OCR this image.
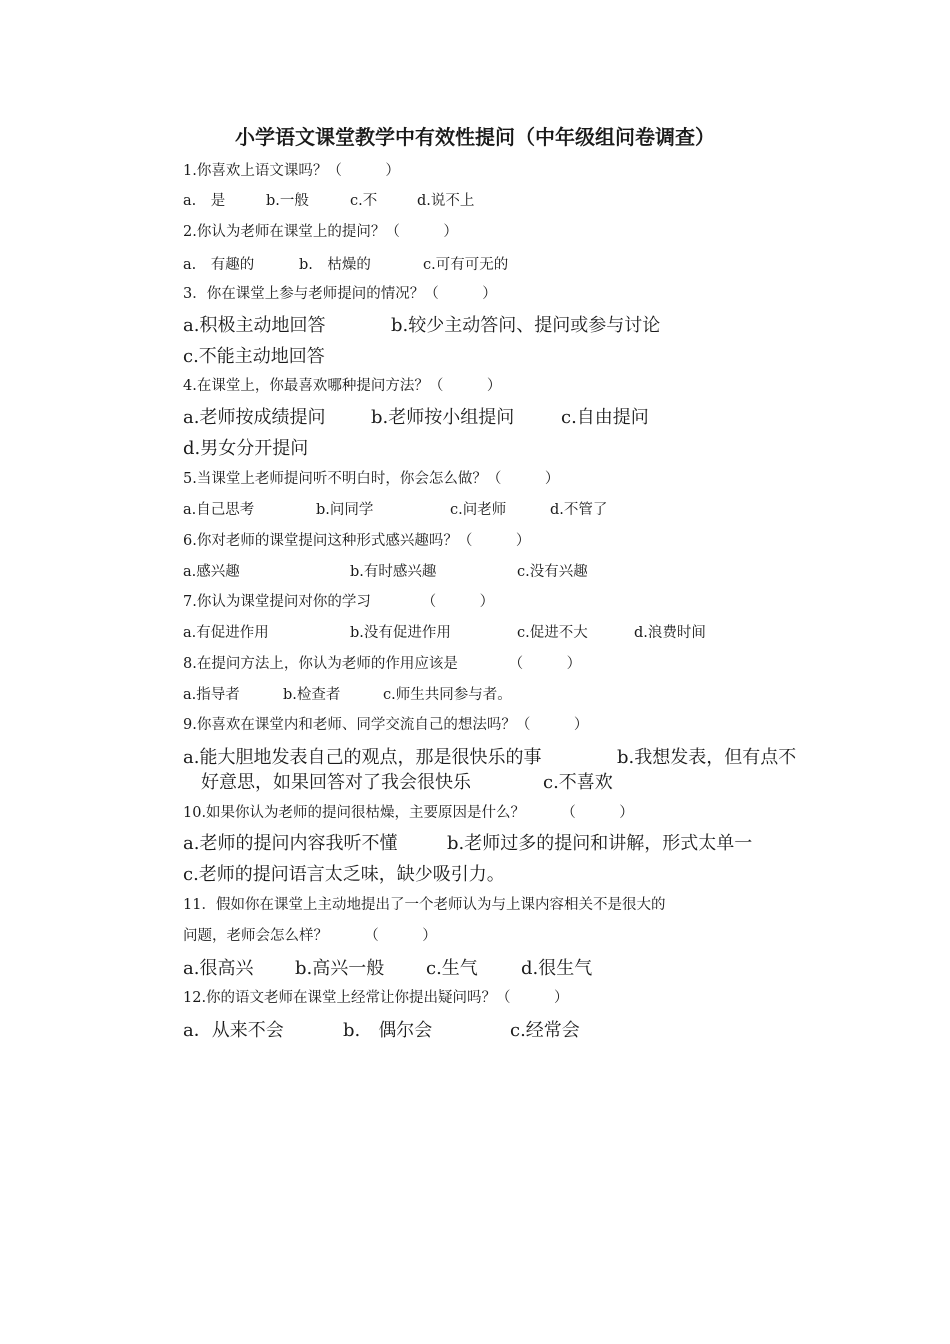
小学语文课堂教学中有效性提问（中年级组问卷调查）
1.你喜欢上语文课吗？（　　　）
a.　是	b.一般	c.不	d.说不上
2.你认为老师在课堂上的提问？（　　　）
a.　有趣的	b.　枯燥的	c.可有可无的
3．你在课堂上参与老师提问的情况？（　　　）
a.积极主动地回答	b.较少主动答问、提问或参与讨论
c.不能主动地回答
4.在课堂上，你最喜欢哪种提问方法？（　　　）
a.老师按成绩提问	b.老师按小组提问	c.自由提问
d.男女分开提问
5.当课堂上老师提问听不明白时，你会怎么做？（　　　）
a.自己思考	b.问同学	c.问老师	d.不管了
6.你对老师的课堂提问这种形式感兴趣吗？（　　　）
a.感兴趣	b.有时感兴趣	c.没有兴趣
7.你认为课堂提问对你的学习　　　　（　　　）
a.有促进作用	b.没有促进作用	c.促进不大	d.浪费时间
8.在提问方法上，你认为老师的作用应该是　　　　（　　　）
a.指导者	b.检查者	c.师生共同参与者。
9.你喜欢在课堂内和老师、同学交流自己的想法吗？（　　　）
a.能大胆地发表自己的观点，那是很快乐的事	b.我想发表，但有点不
好意思，如果回答对了我会很快乐	c.不喜欢
10.如果你认为老师的提问很枯燥，主要原因是什么？　　　（　　　）
a.老师的提问内容我听不懂	b.老师过多的提问和讲解，形式太单一
c.老师的提问语言太乏味，缺少吸引力。
11．假如你在课堂上主动地提出了一个老师认为与上课内容相关不是很大的
问题，老师会怎么样？　　　（　　　）
a.很高兴 b.高兴一般 c.生气 d.很生气
12.你的语文老师在课堂上经常让你提出疑问吗？（　　　）
a．从来不会	b.　偶尔会	c.经常会
